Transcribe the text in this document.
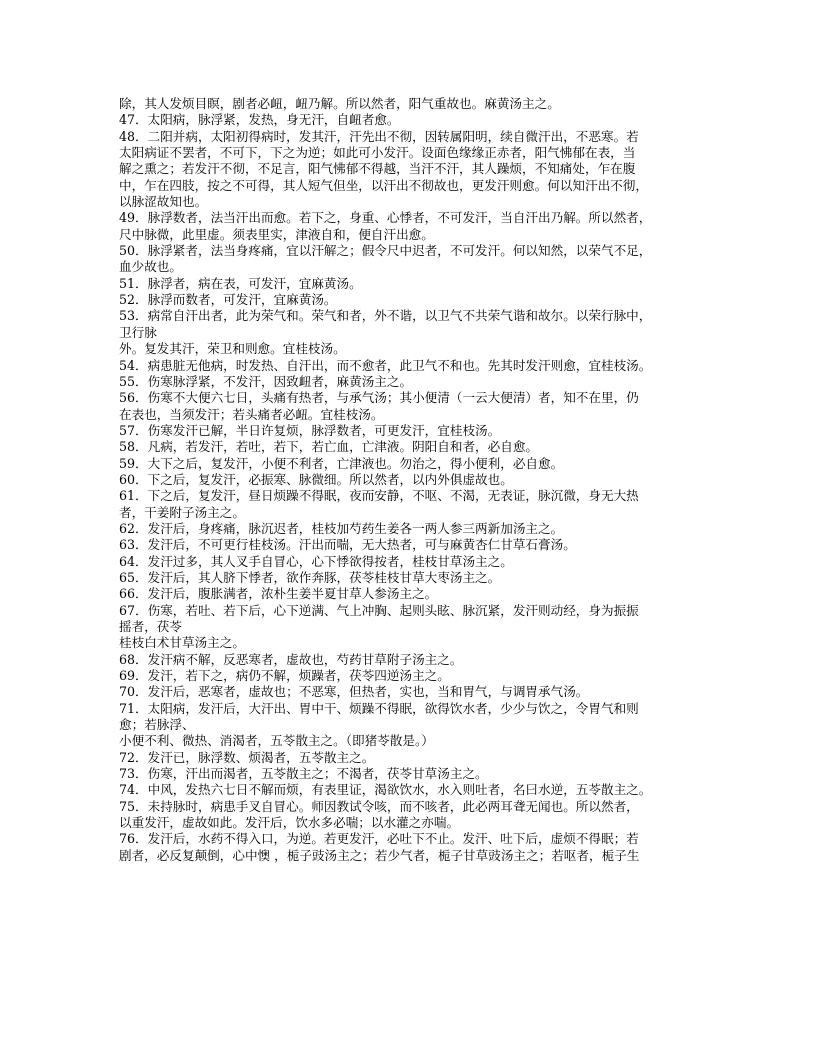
除，其人发烦目瞑，剧者必衄，衄乃解。所以然者，阳气重故也。麻黄汤主之。
47．太阳病，脉浮紧，发热，身无汗，自衄者愈。
48．二阳并病，太阳初得病时，发其汗，汗先出不彻，因转属阳明，续自微汗出，不恶寒。若
太阳病证不罢者，不可下，下之为逆；如此可小发汗。设面色缘缘正赤者，阳气怫郁在表，当
解之熏之；若发汗不彻，不足言，阳气怫郁不得越，当汗不汗，其人躁烦，不知痛处，乍在腹
中，乍在四肢，按之不可得，其人短气但坐，以汗出不彻故也，更发汗则愈。何以知汗出不彻，
以脉涩故知也。
49．脉浮数者，法当汗出而愈。若下之，身重、心悸者，不可发汗，当自汗出乃解。所以然者，
尺中脉微，此里虚。须表里实，津液自和，便自汗出愈。
50．脉浮紧者，法当身疼痛，宜以汗解之；假令尺中迟者，不可发汗。何以知然，以荣气不足，
血少故也。
51．脉浮者，病在表，可发汗，宜麻黄汤。
52．脉浮而数者，可发汗，宜麻黄汤。
53．病常自汗出者，此为荣气和。荣气和者，外不谐，以卫气不共荣气谐和故尔。以荣行脉中，
卫行脉
外。复发其汗，荣卫和则愈。宜桂枝汤。
54．病患脏无他病，时发热、自汗出，而不愈者，此卫气不和也。先其时发汗则愈，宜桂枝汤。
55．伤寒脉浮紧，不发汗，因致衄者，麻黄汤主之。
56．伤寒不大便六七日，头痛有热者，与承气汤；其小便清（一云大便清）者，知不在里，仍
在表也，当须发汗；若头痛者必衄。宜桂枝汤。
57．伤寒发汗已解，半日许复烦，脉浮数者，可更发汗，宜桂枝汤。
58．凡病，若发汗，若吐，若下，若亡血，亡津液。阴阳自和者，必自愈。
59．大下之后，复发汗，小便不利者，亡津液也。勿治之，得小便利，必自愈。
60．下之后，复发汗，必振寒、脉微细。所以然者，以内外俱虚故也。
61．下之后，复发汗，昼日烦躁不得眠，夜而安静，不呕、不渴，无表证，脉沉微，身无大热
者，干姜附子汤主之。
62．发汗后，身疼痛，脉沉迟者，桂枝加芍药生姜各一两人参三两新加汤主之。
63．发汗后，不可更行桂枝汤。汗出而喘，无大热者，可与麻黄杏仁甘草石膏汤。
64．发汗过多，其人叉手自冒心，心下悸欲得按者，桂枝甘草汤主之。
65．发汗后，其人脐下悸者，欲作奔豚，茯苓桂枝甘草大枣汤主之。
66．发汗后，腹胀满者，浓朴生姜半夏甘草人参汤主之。
67．伤寒，若吐、若下后，心下逆满、气上冲胸、起则头眩、脉沉紧，发汗则动经，身为振振
摇者，茯苓
桂枝白术甘草汤主之。
68．发汗病不解，反恶寒者，虚故也，芍药甘草附子汤主之。
69．发汗，若下之，病仍不解，烦躁者，茯苓四逆汤主之。
70．发汗后，恶寒者，虚故也；不恶寒，但热者，实也，当和胃气，与调胃承气汤。
71．太阳病，发汗后，大汗出、胃中干、烦躁不得眠，欲得饮水者，少少与饮之，令胃气和则
愈；若脉浮、
小便不利、微热、消渴者，五苓散主之。（即猪苓散是。）
72．发汗已，脉浮数、烦渴者，五苓散主之。
73．伤寒，汗出而渴者，五苓散主之；不渴者，茯苓甘草汤主之。
74．中风，发热六七日不解而烦，有表里证，渴欲饮水，水入则吐者，名曰水逆，五苓散主之。
75．未持脉时，病患手叉自冒心。师因教试令咳，而不咳者，此必两耳聋无闻也。所以然者，
以重发汗，虚故如此。发汗后，饮水多必喘；以水灌之亦喘。
76．发汗后，水药不得入口，为逆。若更发汗，必吐下不止。发汗、吐下后，虚烦不得眠；若
剧者，必反复颠倒，心中懊 ，栀子豉汤主之；若少气者，栀子甘草豉汤主之；若呕者，栀子生
